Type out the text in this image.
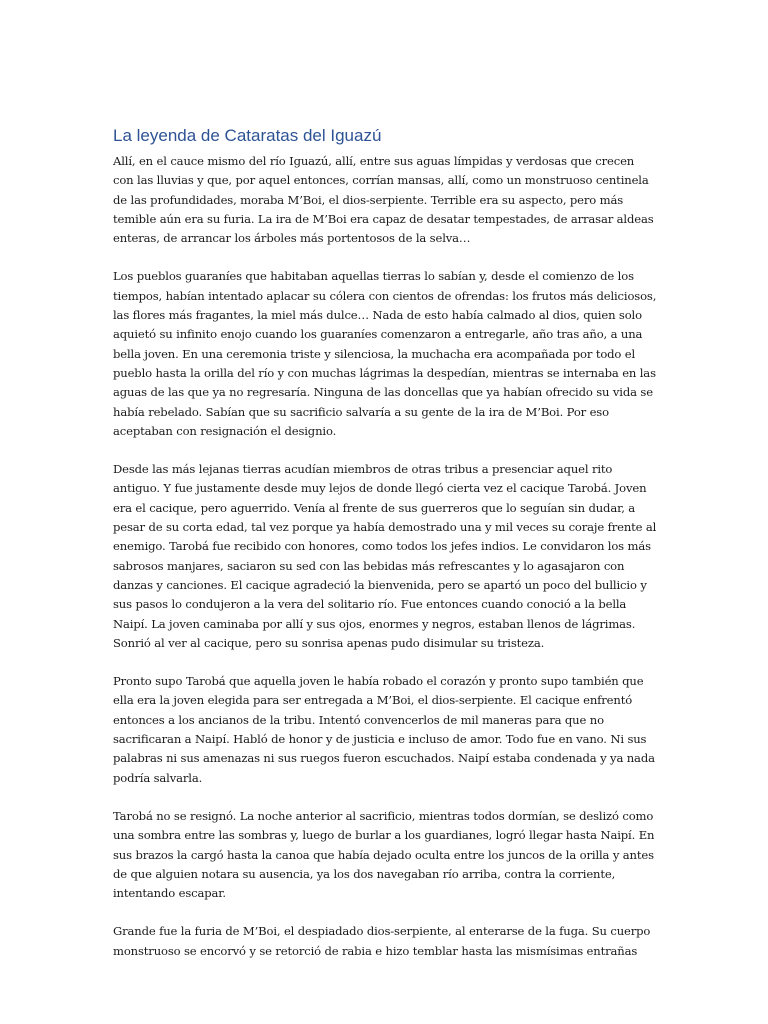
La leyenda de Cataratas del Iguazú

Allí, en el cauce mismo del río Iguazú, allí, entre sus aguas límpidas y verdosas que crecen con las lluvias y que, por aquel entonces, corrían mansas, allí, como un monstruoso centinela de las profundidades, moraba M’Boi, el dios-serpiente. Terrible era su aspecto, pero más temible aún era su furia. La ira de M’Boi era capaz de desatar tempestades, de arrasar aldeas enteras, de arrancar los árboles más portentosos de la selva…

Los pueblos guaraníes que habitaban aquellas tierras lo sabían y, desde el comienzo de los tiempos, habían intentado aplacar su cólera con cientos de ofrendas: los frutos más deliciosos, las flores más fragantes, la miel más dulce… Nada de esto había calmado al dios, quien solo aquietó su infinito enojo cuando los guaraníes comenzaron a entregarle, año tras año, a una bella joven. En una ceremonia triste y silenciosa, la muchacha era acompañada por todo el pueblo hasta la orilla del río y con muchas lágrimas la despedían, mientras se internaba en las aguas de las que ya no regresaría. Ninguna de las doncellas que ya habían ofrecido su vida se había rebelado. Sabían que su sacrificio salvaría a su gente de la ira de M’Boi. Por eso aceptaban con resignación el designio.

Desde las más lejanas tierras acudían miembros de otras tribus a presenciar aquel rito antiguo. Y fue justamente desde muy lejos de donde llegó cierta vez el cacique Tarobá. Joven era el cacique, pero aguerrido. Venía al frente de sus guerreros que lo seguían sin dudar, a pesar de su corta edad, tal vez porque ya había demostrado una y mil veces su coraje frente al enemigo. Tarobá fue recibido con honores, como todos los jefes indios. Le convidaron los más sabrosos manjares, saciaron su sed con las bebidas más refrescantes y lo agasajaron con danzas y canciones. El cacique agradeció la bienvenida, pero se apartó un poco del bullicio y sus pasos lo condujeron a la vera del solitario río. Fue entonces cuando conoció a la bella Naipí. La joven caminaba por allí y sus ojos, enormes y negros, estaban llenos de lágrimas. Sonrió al ver al cacique, pero su sonrisa apenas pudo disimular su tristeza.

Pronto supo Tarobá que aquella joven le había robado el corazón y pronto supo también que ella era la joven elegida para ser entregada a M’Boi, el dios-serpiente. El cacique enfrentó entonces a los ancianos de la tribu. Intentó convencerlos de mil maneras para que no sacrificaran a Naipí. Habló de honor y de justicia e incluso de amor. Todo fue en vano. Ni sus palabras ni sus amenazas ni sus ruegos fueron escuchados. Naipí estaba condenada y ya nada podría salvarla.

Tarobá no se resignó. La noche anterior al sacrificio, mientras todos dormían, se deslizó como una sombra entre las sombras y, luego de burlar a los guardianes, logró llegar hasta Naipí. En sus brazos la cargó hasta la canoa que había dejado oculta entre los juncos de la orilla y antes de que alguien notara su ausencia, ya los dos navegaban río arriba, contra la corriente, intentando escapar.

Grande fue la furia de M’Boi, el despiadado dios-serpiente, al enterarse de la fuga. Su cuerpo monstruoso se encorvó y se retorció de rabia e hizo temblar hasta las mismísimas entrañas
